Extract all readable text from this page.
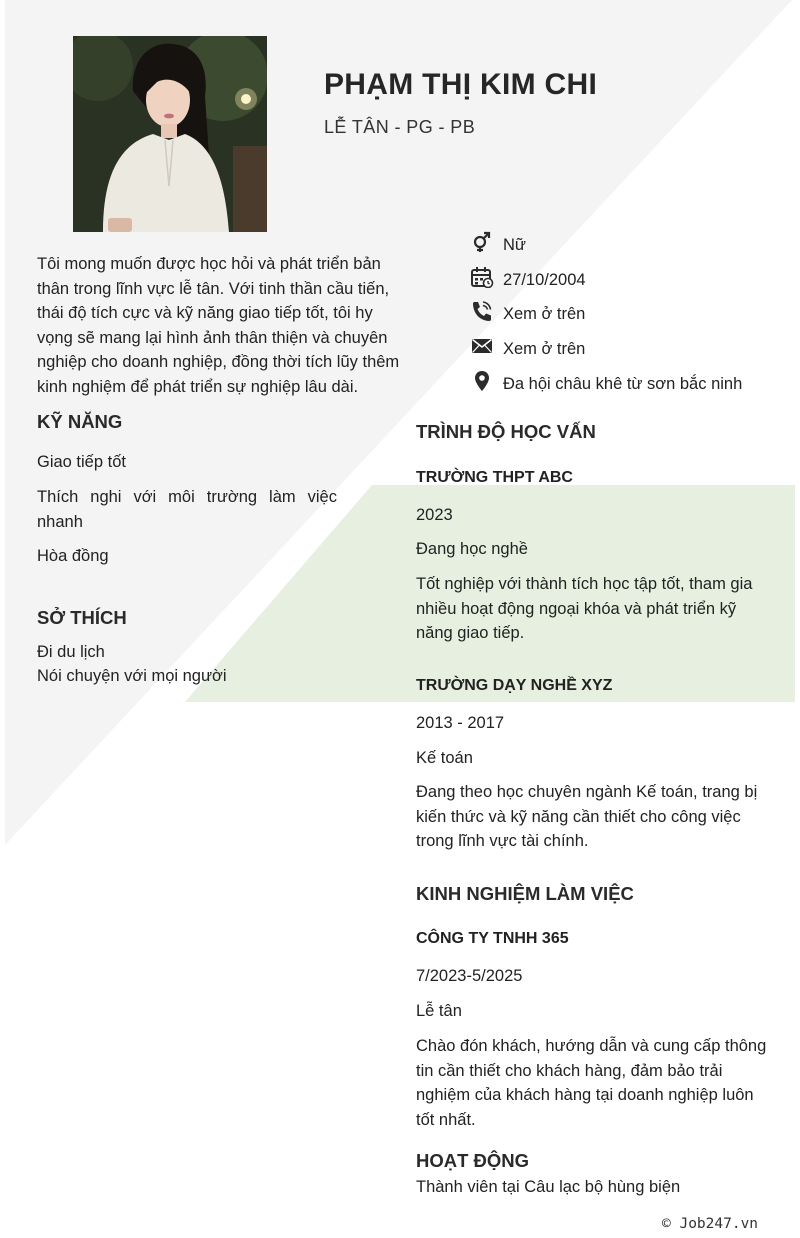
PHẠM THỊ KIM CHI
LỄ TÂN - PG - PB
Tôi mong muốn được học hỏi và phát triển bản thân trong lĩnh vực lễ tân. Với tinh thần cầu tiến, thái độ tích cực và kỹ năng giao tiếp tốt, tôi hy vọng sẽ mang lại hình ảnh thân thiện và chuyên nghiệp cho doanh nghiệp, đồng thời tích lũy thêm kinh nghiệm để phát triển sự nghiệp lâu dài.
Nữ
27/10/2004
Xem ở trên
Xem ở trên
Đa hội châu khê từ sơn bắc ninh
KỸ NĂNG
Giao tiếp tốt
Thích nghi với môi trường làm việc nhanh
Hòa đồng
SỞ THÍCH
Đi du lịch
Nói chuyện với mọi người
TRÌNH ĐỘ HỌC VẤN
TRƯỜNG THPT ABC
2023
Đang học nghề
Tốt nghiệp với thành tích học tập tốt, tham gia nhiều hoạt động ngoại khóa và phát triển kỹ năng giao tiếp.
TRƯỜNG DẠY NGHỀ XYZ
2013 - 2017
Kế toán
Đang theo học chuyên ngành Kế toán, trang bị kiến thức và kỹ năng cần thiết cho công việc trong lĩnh vực tài chính.
KINH NGHIỆM LÀM VIỆC
CÔNG TY TNHH 365
7/2023-5/2025
Lễ tân
Chào đón khách, hướng dẫn và cung cấp thông tin cần thiết cho khách hàng, đảm bảo trải nghiệm của khách hàng tại doanh nghiệp luôn tốt nhất.
HOẠT ĐỘNG
Thành viên tại Câu lạc bộ hùng biện
© Job247.vn
